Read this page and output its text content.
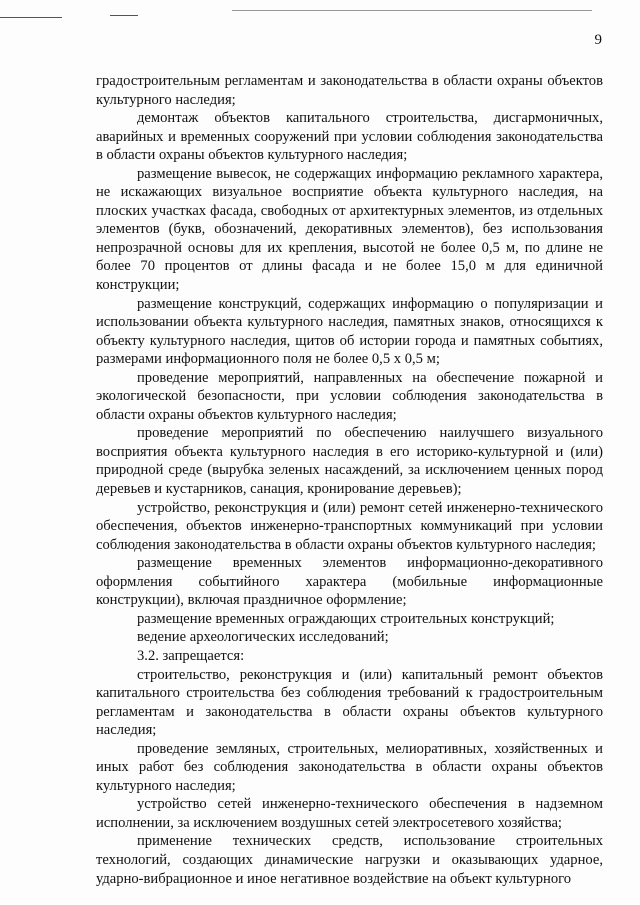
9

градостроительным регламентам и законодательства в области охраны объектов культурного наследия;

демонтаж объектов капитального строительства, дисгармоничных, аварийных и временных сооружений при условии соблюдения законодательства в области охраны объектов культурного наследия;

размещение вывесок, не содержащих информацию рекламного характера, не искажающих визуальное восприятие объекта культурного наследия, на плоских участках фасада, свободных от архитектурных элементов, из отдельных элементов (букв, обозначений, декоративных элементов), без использования непрозрачной основы для их крепления, высотой не более 0,5 м, по длине не более 70 процентов от длины фасада и не более 15,0 м для единичной конструкции;

размещение конструкций, содержащих информацию о популяризации и использовании объекта культурного наследия, памятных знаков, относящихся к объекту культурного наследия, щитов об истории города и памятных событиях, размерами информационного поля не более 0,5 х 0,5 м;

проведение мероприятий, направленных на обеспечение пожарной и экологической безопасности, при условии соблюдения законодательства в области охраны объектов культурного наследия;

проведение мероприятий по обеспечению наилучшего визуального восприятия объекта культурного наследия в его историко-культурной и (или) природной среде (вырубка зеленых насаждений, за исключением ценных пород деревьев и кустарников, санация, кронирование деревьев);

устройство, реконструкция и (или) ремонт сетей инженерно-технического обеспечения, объектов инженерно-транспортных коммуникаций при условии соблюдения законодательства в области охраны объектов культурного наследия;

размещение временных элементов информационно-декоративного оформления событийного характера (мобильные информационные конструкции), включая праздничное оформление;

размещение временных ограждающих строительных конструкций;

ведение археологических исследований;

3.2. запрещается:

строительство, реконструкция и (или) капитальный ремонт объектов капитального строительства без соблюдения требований к градостроительным регламентам и законодательства в области охраны объектов культурного наследия;

проведение земляных, строительных, мелиоративных, хозяйственных и иных работ без соблюдения законодательства в области охраны объектов культурного наследия;

устройство сетей инженерно-технического обеспечения в надземном исполнении, за исключением воздушных сетей электросетевого хозяйства;

применение технических средств, использование строительных технологий, создающих динамические нагрузки и оказывающих ударное, ударно-вибрационное и иное негативное воздействие на объект культурного
